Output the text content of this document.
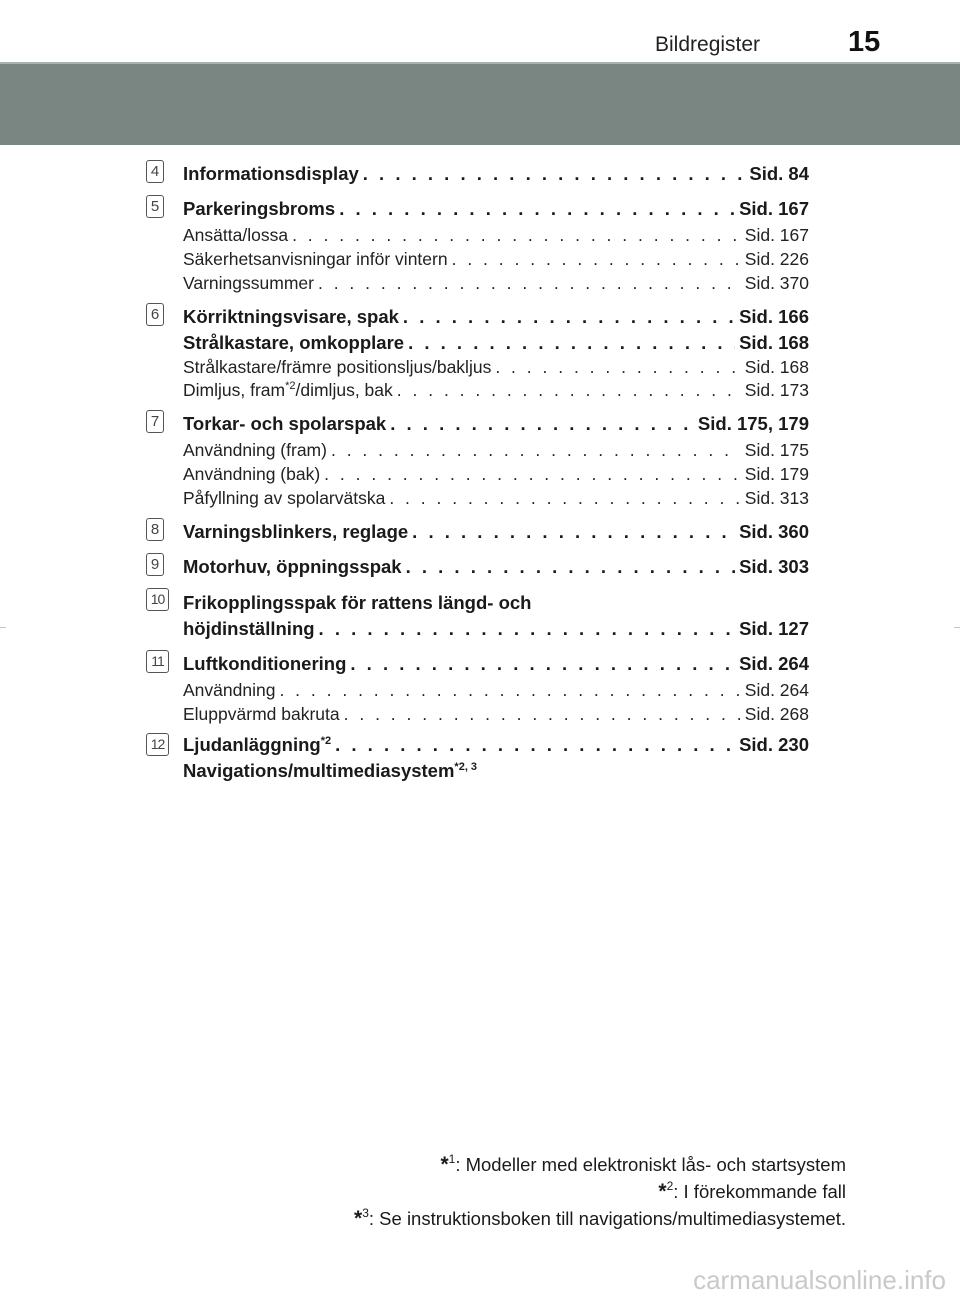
Bildregister	15
4 Informationsdisplay . . .	Sid. 84
5 Parkeringsbroms . . .	Sid. 167
Ansätta/lossa . . .	Sid. 167
Säkerhetsanvisningar inför vintern . . .	Sid. 226
Varningssummer . . .	Sid. 370
6 Körriktningsvisare, spak . . .	Sid. 166
Strålkastare, omkopplare . . .	Sid. 168
Strålkastare/främre positionsljus/bakljus . . .	Sid. 168
Dimljus, fram$^{*2}$/dimljus, bak . . .	Sid. 173
7 Torkar- och spolarspak . . .	Sid. 175, 179
Användning (fram) . . .	Sid. 175
Användning (bak) . . .	Sid. 179
Påfyllning av spolarvätska . . .	Sid. 313
8 Varningsblinkers, reglage . . .	Sid. 360
9 Motorhuv, öppningsspak . . .	Sid. 303
10 Frikopplingsspak för rattens längd- och
höjdinställning . . .	Sid. 127
11 Luftkonditionering . . .	Sid. 264
Användning . . .	Sid. 264
Eluppvärmd bakruta . . .	Sid. 268
12 Ljudanläggning$^{*2}$ . . .	Sid. 230
Navigations/multimediasystem$^{*2, 3}$
*$^1$: Modeller med elektroniskt lås- och startsystem
*$^2$: I förekommande fall
*$^3$: Se instruktionsboken till navigations/multimediasystemet.
carmanualsonline.info
